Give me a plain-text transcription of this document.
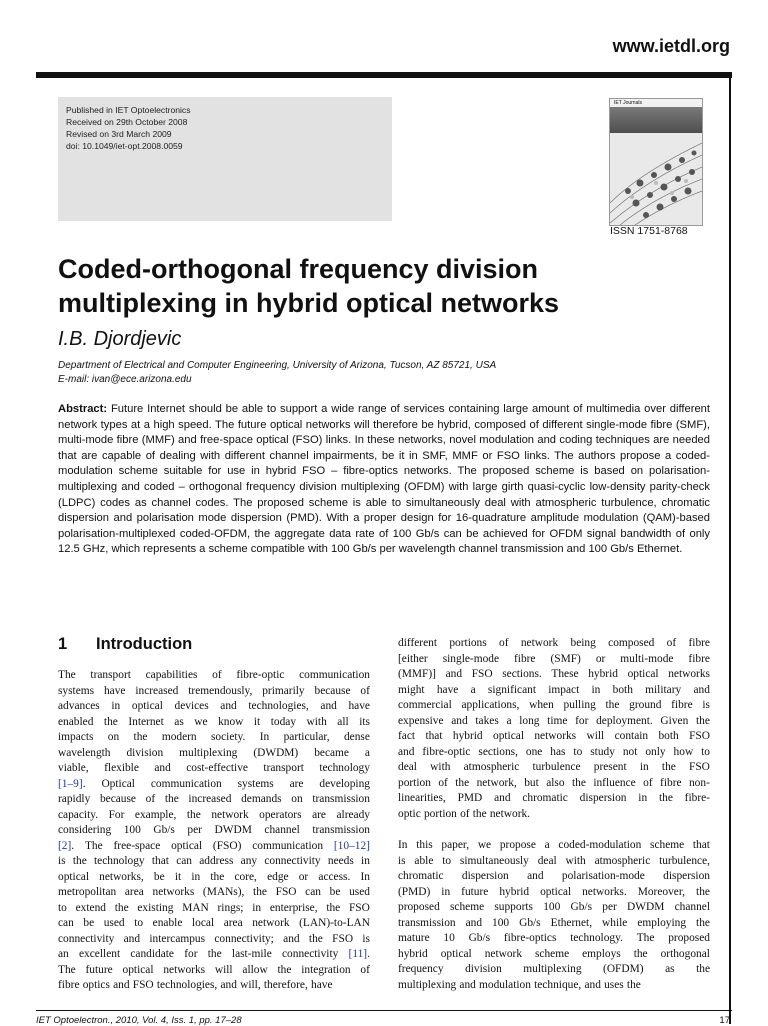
www.ietdl.org
Published in IET Optoelectronics
Received on 29th October 2008
Revised on 3rd March 2009
doi: 10.1049/iet-opt.2008.0059
IET Journals
ISSN 1751-8768
Coded-orthogonal frequency division multiplexing in hybrid optical networks
I.B. Djordjevic
Department of Electrical and Computer Engineering, University of Arizona, Tucson, AZ 85721, USA
E-mail: ivan@ece.arizona.edu

Abstract: Future Internet should be able to support a wide range of services containing large amount of multimedia over different network types at a high speed. The future optical networks will therefore be hybrid, composed of different single-mode fibre (SMF), multi-mode fibre (MMF) and free-space optical (FSO) links. In these networks, novel modulation and coding techniques are needed that are capable of dealing with different channel impairments, be it in SMF, MMF or FSO links. The authors propose a coded-modulation scheme suitable for use in hybrid FSO – fibre-optics networks. The proposed scheme is based on polarisation-multiplexing and coded – orthogonal frequency division multiplexing (OFDM) with large girth quasi-cyclic low-density parity-check (LDPC) codes as channel codes. The proposed scheme is able to simultaneously deal with atmospheric turbulence, chromatic dispersion and polarisation mode dispersion (PMD). With a proper design for 16-quadrature amplitude modulation (QAM)-based polarisation-multiplexed coded-OFDM, the aggregate data rate of 100 Gb/s can be achieved for OFDM signal bandwidth of only 12.5 GHz, which represents a scheme compatible with 100 Gb/s per wavelength channel transmission and 100 Gb/s Ethernet.

1 Introduction
The transport capabilities of fibre-optic communication
systems have increased tremendously, primarily because of
advances in optical devices and technologies, and have
enabled the Internet as we know it today with all its
impacts on the modern society. In particular, dense
wavelength division multiplexing (DWDM) became a
viable, flexible and cost-effective transport technology
[1–9]. Optical communication systems are developing
rapidly because of the increased demands on transmission
capacity. For example, the network operators are already
considering 100 Gb/s per DWDM channel transmission
[2]. The free-space optical (FSO) communication [10–12]
is the technology that can address any connectivity needs in
optical networks, be it in the core, edge or access. In
metropolitan area networks (MANs), the FSO can be used
to extend the existing MAN rings; in enterprise, the FSO
can be used to enable local area network (LAN)-to-LAN
connectivity and intercampus connectivity; and the FSO is
an excellent candidate for the last-mile connectivity [11].
The future optical networks will allow the integration of
fibre optics and FSO technologies, and will, therefore, have
different portions of network being composed of fibre
[either single-mode fibre (SMF) or multi-mode fibre
(MMF)] and FSO sections. These hybrid optical networks
might have a significant impact in both military and
commercial applications, when pulling the ground fibre is
expensive and takes a long time for deployment. Given the
fact that hybrid optical networks will contain both FSO
and fibre-optic sections, one has to study not only how to
deal with atmospheric turbulence present in the FSO
portion of the network, but also the influence of fibre non-
linearities, PMD and chromatic dispersion in the fibre-
optic portion of the network.
In this paper, we propose a coded-modulation scheme that
is able to simultaneously deal with atmospheric turbulence,
chromatic dispersion and polarisation-mode dispersion
(PMD) in future hybrid optical networks. Moreover, the
proposed scheme supports 100 Gb/s per DWDM channel
transmission and 100 Gb/s Ethernet, while employing the
mature 10 Gb/s fibre-optics technology. The proposed
hybrid optical network scheme employs the orthogonal
frequency division multiplexing (OFDM) as the
multiplexing and modulation technique, and uses the
IET Optoelectron., 2010, Vol. 4, Iss. 1, pp. 17–28	17
